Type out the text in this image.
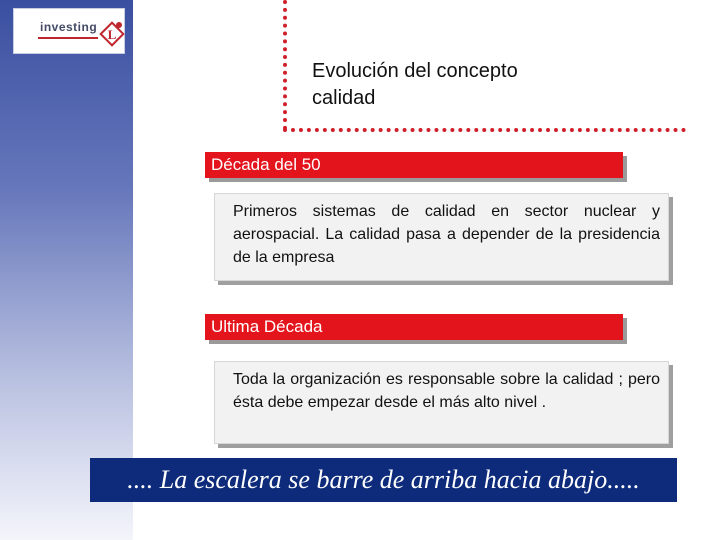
investing L
Evolución del concepto
calidad
Década del 50
Primeros sistemas de calidad en sector nuclear y aerospacial. La calidad pasa a depender de la presidencia de la empresa
Ultima Década
Toda la organización es responsable sobre la calidad ; pero ésta debe empezar desde el más alto nivel .
.... La escalera se barre de arriba hacia abajo.....
